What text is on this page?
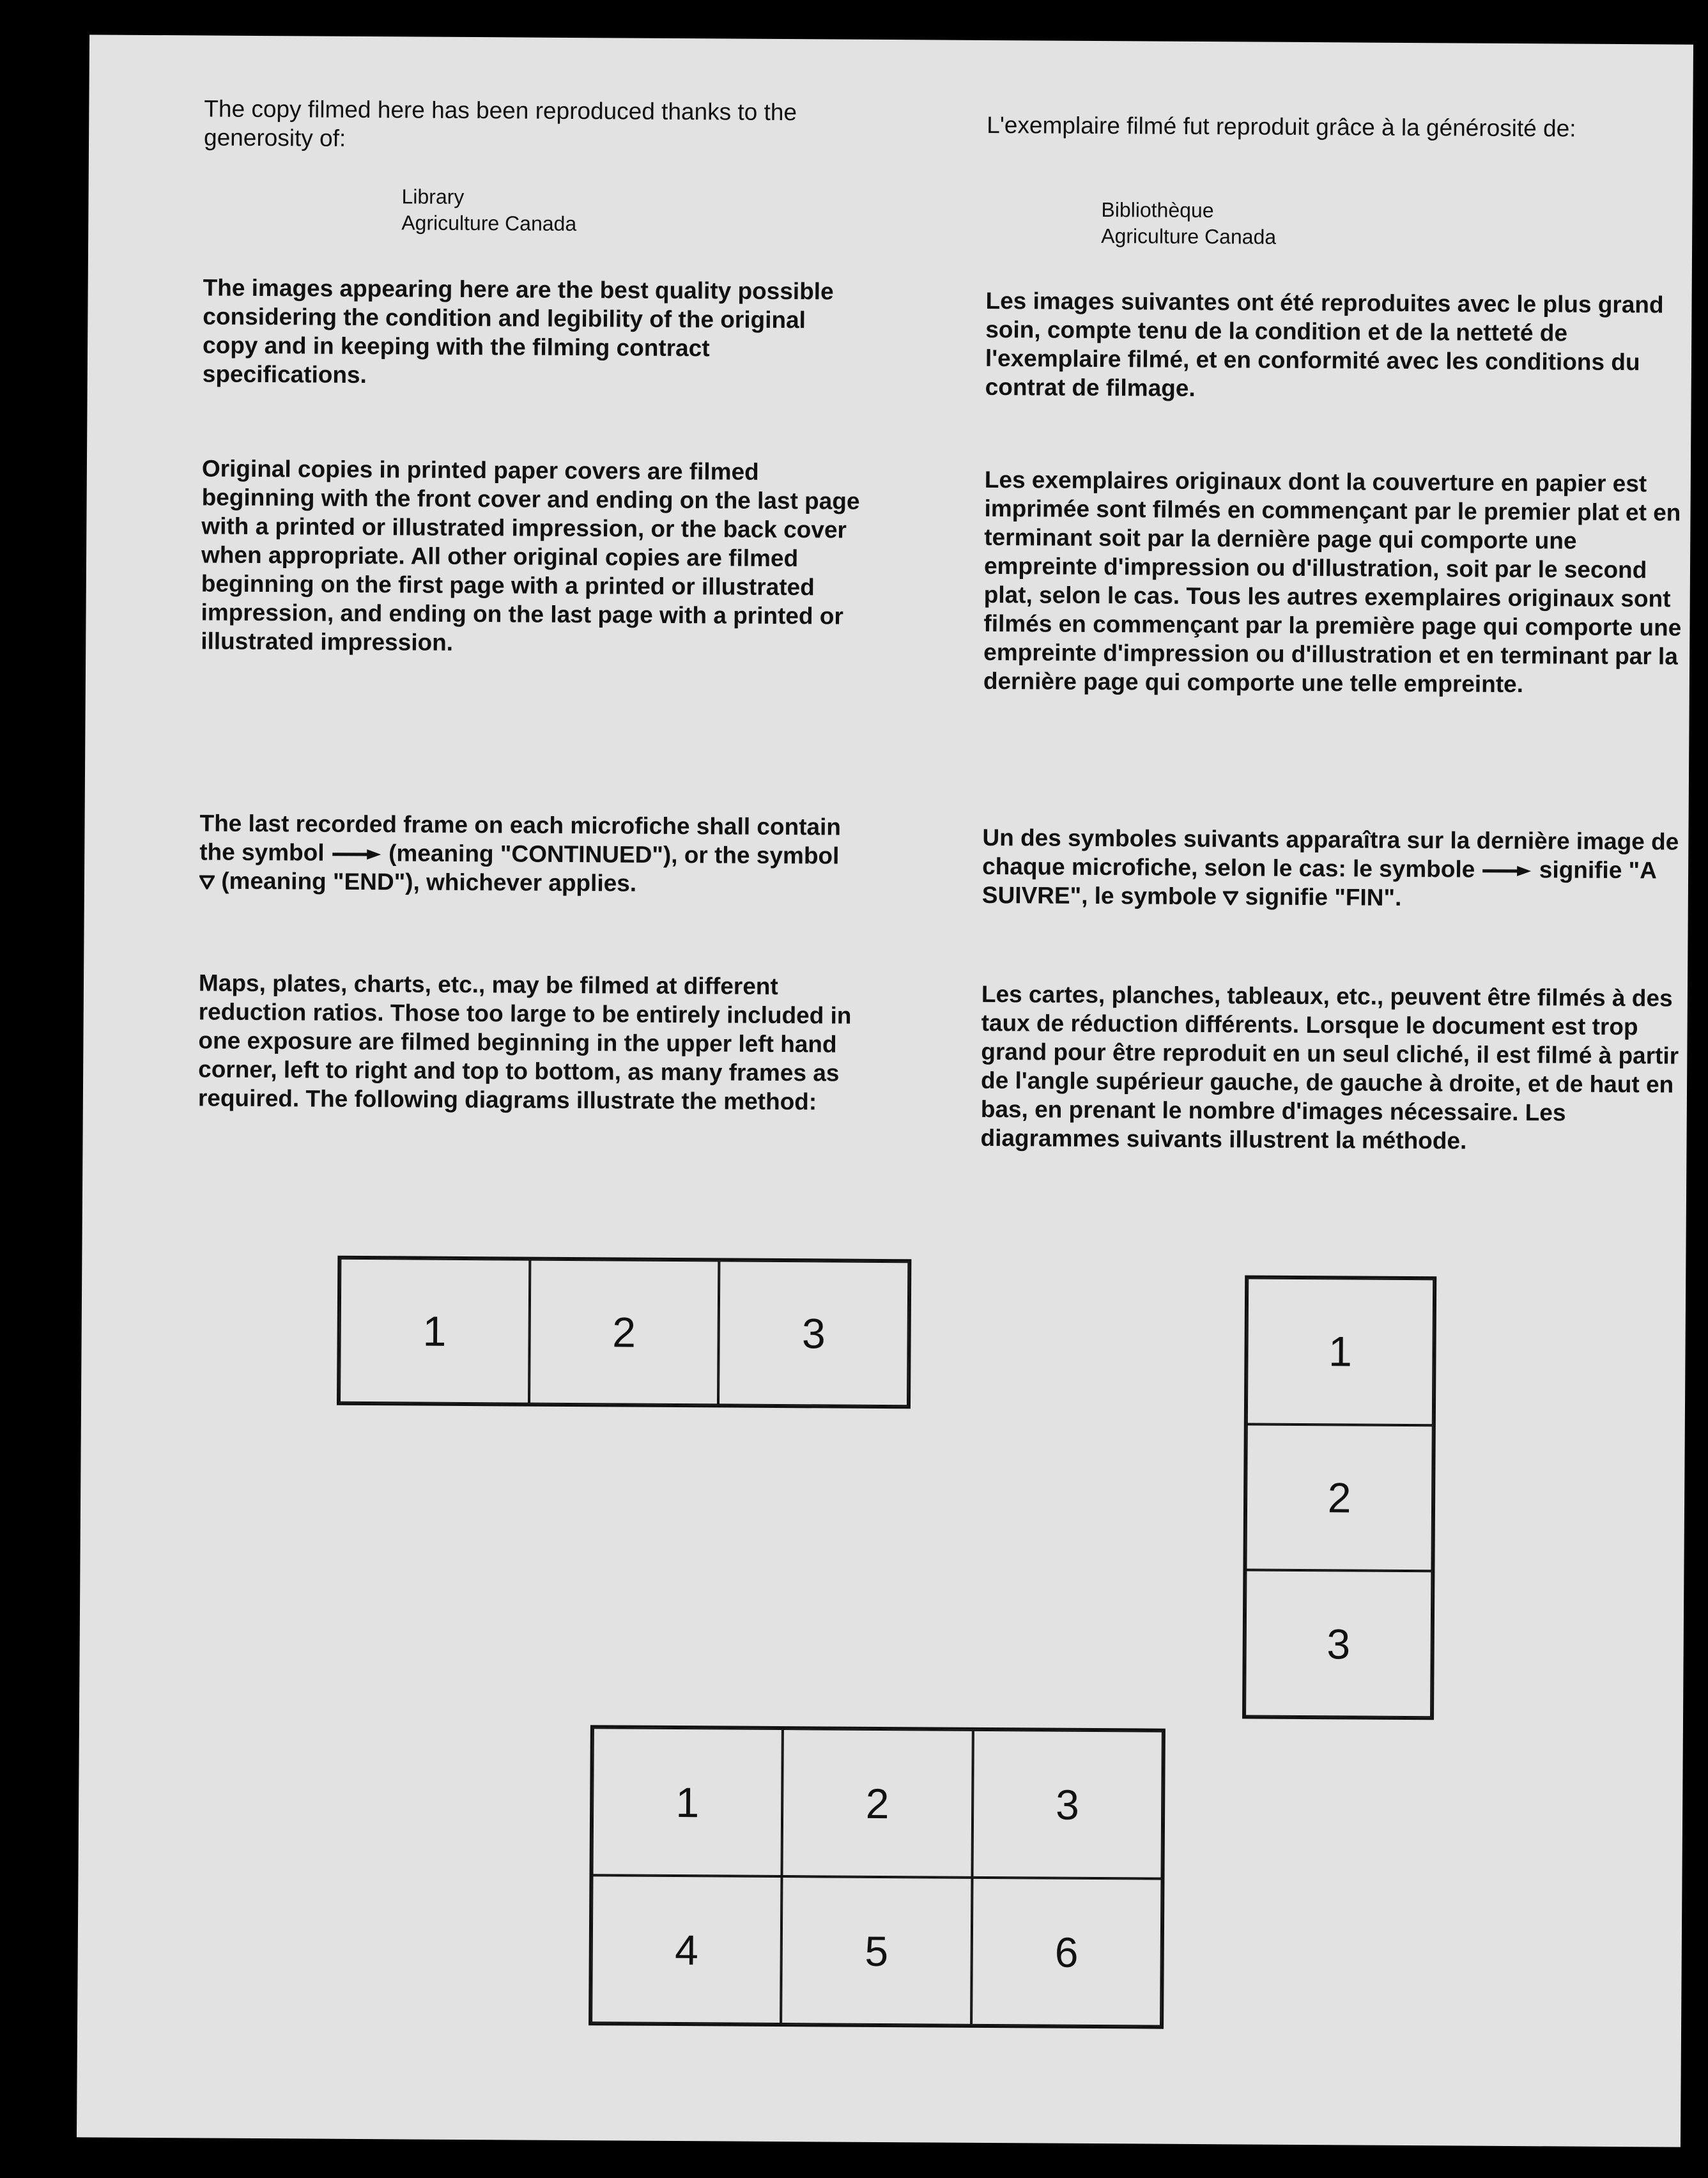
The copy filmed here has been reproduced thanks to the generosity of:

Library

Agriculture Canada

The images appearing here are the best quality possible considering the condition and legibility of the original copy and in keeping with the filming contract specifications.

Original copies in printed paper covers are filmed beginning with the front cover and ending on the last page with a printed or illustrated impression, or the back cover when appropriate. All other original copies are filmed beginning on the first page with a printed or illustrated impression, and ending on the last page with a printed or illustrated impression.

The last recorded frame on each microfiche shall contain the symbol	(meaning "CONTINUED"), or the symbol  (meaning "END"), whichever applies.

Maps, plates, charts, etc., may be filmed at different reduction ratios. Those too large to be entirely included in one exposure are filmed beginning in the upper left hand corner, left to right and top to bottom, as many frames as required. The following diagrams illustrate the method:

L'exemplaire filmé fut reproduit grâce à la générosité de:

Bibliothèque

Agriculture Canada

Les images suivantes ont été reproduites avec le plus grand soin, compte tenu de la condition et de la netteté de l'exemplaire filmé, et en conformité avec les conditions du contrat de filmage.

Les exemplaires originaux dont la couverture en papier est imprimée sont filmés en commençant par le premier plat et en terminant soit par la dernière page qui comporte une empreinte d'impression ou d'illustration, soit par le second plat, selon le cas. Tous les autres exemplaires originaux sont filmés en commençant par la première page qui comporte une empreinte d'impression ou d'illustration et en terminant par la dernière page qui comporte une telle empreinte.

Un des symboles suivants apparaîtra sur la dernière image de chaque microfiche, selon le cas: le symbole	signifie "A SUIVRE", le symbole signifie "FIN".

Les cartes, planches, tableaux, etc., peuvent être filmés à des taux de réduction différents. Lorsque le document est trop grand pour être reproduit en un seul cliché, il est filmé à partir de l'angle supérieur gauche, de gauche à droite, et de haut en bas, en prenant le nombre d'images nécessaire. Les diagrammes suivants illustrent la méthode.

1	2	3	1
2
3
1	2	3
4	5	6
